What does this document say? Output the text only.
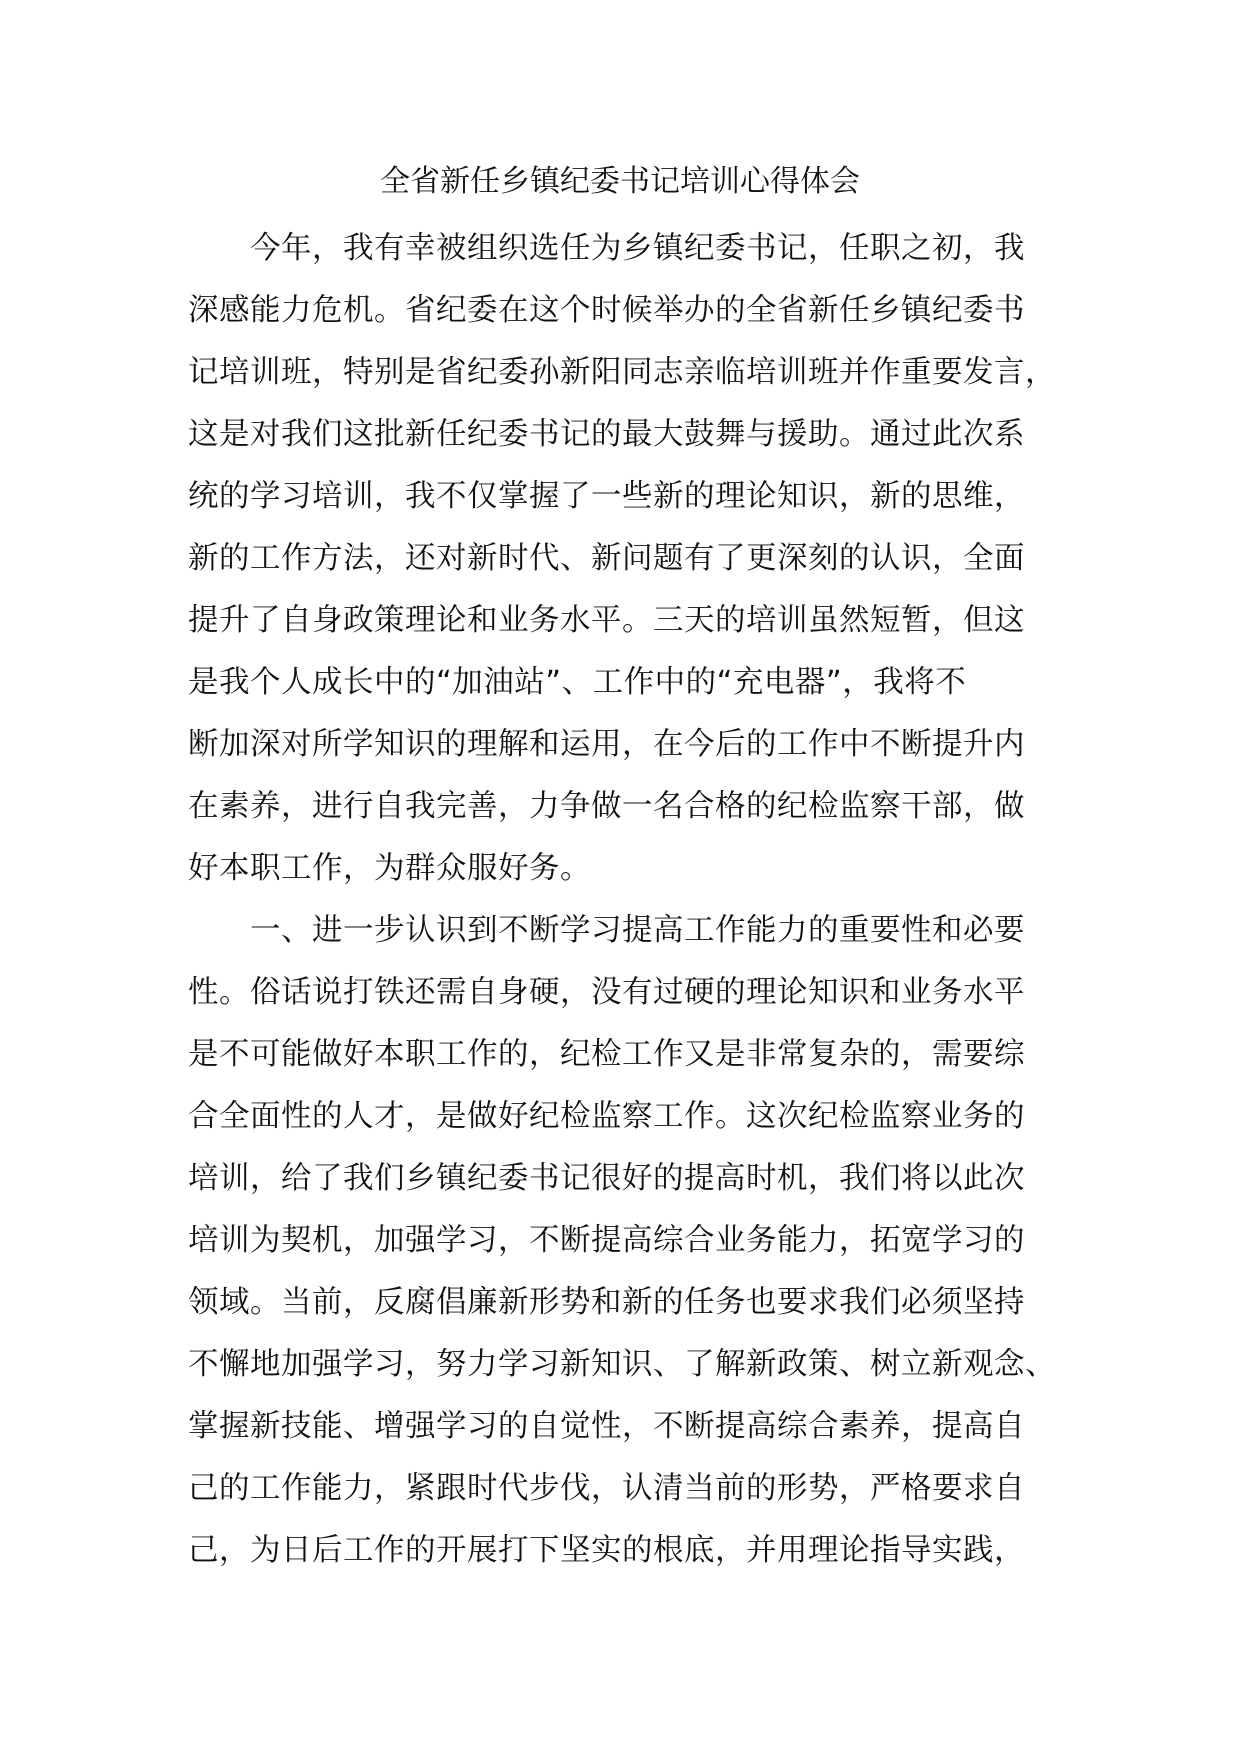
全省新任乡镇纪委书记培训心得体会
今年，我有幸被组织选任为乡镇纪委书记，任职之初，我
深感能力危机。省纪委在这个时候举办的全省新任乡镇纪委书
记培训班，特别是省纪委孙新阳同志亲临培训班并作重要发言，
这是对我们这批新任纪委书记的最大鼓舞与援助。通过此次系
统的学习培训，我不仅掌握了一些新的理论知识，新的思维，
新的工作方法，还对新时代、新问题有了更深刻的认识，全面
提升了自身政策理论和业务水平。三天的培训虽然短暂，但这
是我个人成长中的“加油站”、工作中的“充电器”，我将不
断加深对所学知识的理解和运用，在今后的工作中不断提升内
在素养，进行自我完善，力争做一名合格的纪检监察干部，做
好本职工作，为群众服好务。
一、进一步认识到不断学习提高工作能力的重要性和必要
性。俗话说打铁还需自身硬，没有过硬的理论知识和业务水平
是不可能做好本职工作的，纪检工作又是非常复杂的，需要综
合全面性的人才，是做好纪检监察工作。这次纪检监察业务的
培训，给了我们乡镇纪委书记很好的提高时机，我们将以此次
培训为契机，加强学习，不断提高综合业务能力，拓宽学习的
领域。当前，反腐倡廉新形势和新的任务也要求我们必须坚持
不懈地加强学习，努力学习新知识、了解新政策、树立新观念、
掌握新技能、增强学习的自觉性，不断提高综合素养，提高自
己的工作能力，紧跟时代步伐，认清当前的形势，严格要求自
己，为日后工作的开展打下坚实的根底，并用理论指导实践，
